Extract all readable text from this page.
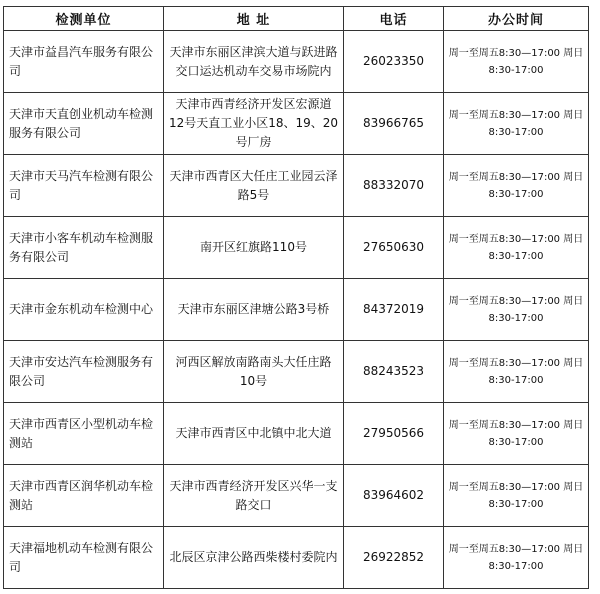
检测单位	地 址	电话	办公时间
天津市益昌汽车服务有限公司	天津市东丽区津滨大道与跃进路交口运达机动车交易市场院内	26023350	周一至周五8:30—17:00 周日8:30-17:00
天津市天直创业机动车检测服务有限公司	天津市西青经济开发区宏源道12号天直工业小区18、19、20号厂房	83966765	周一至周五8:30—17:00 周日8:30-17:00
天津市天马汽车检测有限公司	天津市西青区大任庄工业园云泽路5号	88332070	周一至周五8:30—17:00 周日8:30-17:00
天津市小客车机动车检测服务有限公司	南开区红旗路110号	27650630	周一至周五8:30—17:00 周日8:30-17:00
天津市金东机动车检测中心	天津市东丽区津塘公路3号桥	84372019	周一至周五8:30—17:00 周日8:30-17:00
天津市安达汽车检测服务有限公司	河西区解放南路南头大任庄路10号	88243523	周一至周五8:30—17:00 周日8:30-17:00
天津市西青区小型机动车检测站	天津市西青区中北镇中北大道	27950566	周一至周五8:30—17:00 周日8:30-17:00
天津市西青区润华机动车检测站	天津市西青经济开发区兴华一支路交口	83964602	周一至周五8:30—17:00 周日8:30-17:00
天津福地机动车检测有限公司	北辰区京津公路西柴楼村委院内	26922852	周一至周五8:30—17:00 周日8:30-17:00
